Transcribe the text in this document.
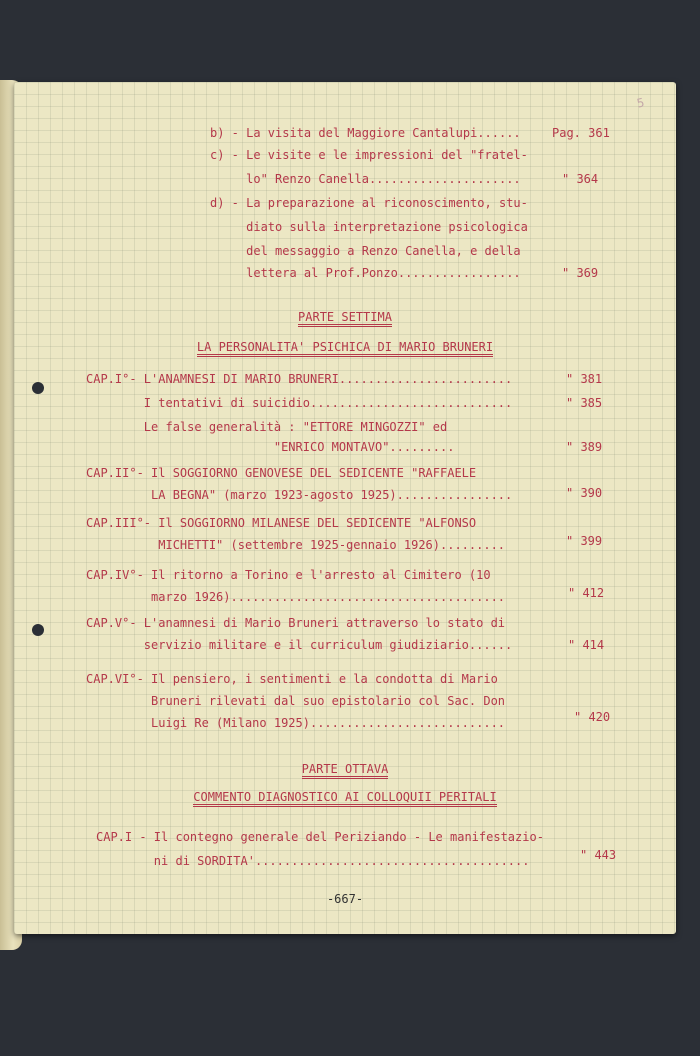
5
b) - La visita del Maggiore Cantalupi......	Pag. 361
c) - Le visite e le impressioni del "fratel-
lo" Renzo Canella.....................	" 364
d) - La preparazione al riconoscimento, stu-
diato sulla interpretazione psicologica
del messaggio a Renzo Canella, e della
lettera al Prof.Ponzo.................	" 369
PARTE SETTIMA
LA PERSONALITA' PSICHICA DI MARIO BRUNERI
CAP.I°- L'ANAMNESI DI MARIO BRUNERI........................	" 381
I tentativi di suicidio............................	" 385
Le false generalità : "ETTORE MINGOZZI" ed
"ENRICO MONTAVO".........	" 389
CAP.II°- Il SOGGIORNO GENOVESE DEL SEDICENTE "RAFFAELE
LA BEGNA" (marzo 1923-agosto 1925)................	" 390
CAP.III°- Il SOGGIORNO MILANESE DEL SEDICENTE "ALFONSO
MICHETTI" (settembre 1925-gennaio 1926).........	" 399
CAP.IV°- Il ritorno a Torino e l'arresto al Cimitero (10
marzo 1926)......................................	" 412
CAP.V°- L'anamnesi di Mario Bruneri attraverso lo stato di
servizio militare e il curriculum giudiziario......	" 414
CAP.VI°- Il pensiero, i sentimenti e la condotta di Mario
Bruneri rilevati dal suo epistolario col Sac. Don
Luigi Re (Milano 1925)...........................	" 420
PARTE OTTAVA
COMMENTO DIAGNOSTICO AI COLLOQUII PERITALI
CAP.I - Il contegno generale del Periziando - Le manifestazio-
ni di SORDITA'......................................	" 443
-667-
